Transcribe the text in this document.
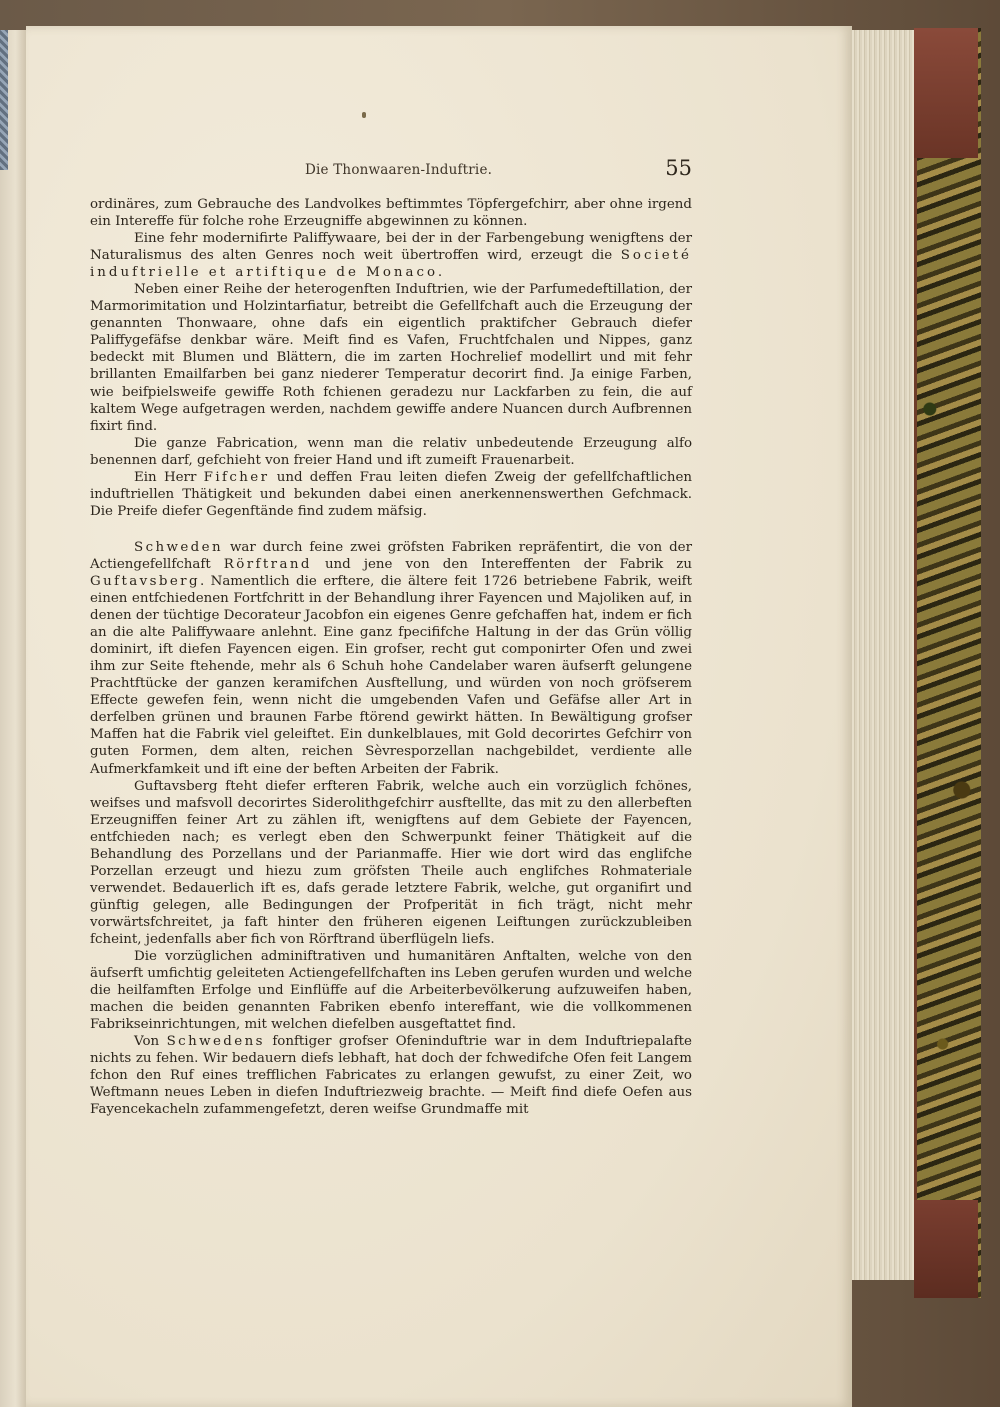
Die Thonwaaren-Induftrie.	55

ordinäres, zum Gebrauche des Landvolkes beftimmtes Töpfergefchirr, aber ohne irgend ein Intereffe für folche rohe Erzeugniffe abgewinnen zu können.

Eine fehr modernifirte Paliffywaare, bei der in der Farbengebung wenigftens der Naturalismus des alten Genres noch weit übertroffen wird, erzeugt die Societé induftrielle et artiftique de Monaco.

Neben einer Reihe der heterogenften Induftrien, wie der Parfumedeftillation, der Marmorimitation und Holzintarfiatur, betreibt die Gefellfchaft auch die Erzeugung der genannten Thonwaare, ohne dafs ein eigentlich praktifcher Gebrauch diefer Paliffygefäfse denkbar wäre. Meift find es Vafen, Fruchtfchalen und Nippes, ganz bedeckt mit Blumen und Blättern, die im zarten Hochrelief modellirt und mit fehr brillanten Emailfarben bei ganz niederer Temperatur decorirt find. Ja einige Farben, wie beifpielsweife gewiffe Roth fchienen geradezu nur Lackfarben zu fein, die auf kaltem Wege aufgetragen werden, nachdem gewiffe andere Nuancen durch Aufbrennen fixirt find.

Die ganze Fabrication, wenn man die relativ unbedeutende Erzeugung alfo benennen darf, gefchieht von freier Hand und ift zumeift Frauenarbeit.

Ein Herr Fifcher und deffen Frau leiten diefen Zweig der gefellfchaftlichen induftriellen Thätigkeit und bekunden dabei einen anerkennenswerthen Gefchmack. Die Preife diefer Gegenftände find zudem mäfsig.

Schweden war durch feine zwei gröfsten Fabriken repräfentirt, die von der Actiengefellfchaft Rörftrand und jene von den Intereffenten der Fabrik zu Guftavsberg. Namentlich die erftere, die ältere feit 1726 betriebene Fabrik, weift einen entfchiedenen Fortfchritt in der Behandlung ihrer Fayencen und Majoliken auf, in denen der tüchtige Decorateur Jacobfon ein eigenes Genre gefchaffen hat, indem er fich an die alte Paliffywaare anlehnt. Eine ganz fpecififche Haltung in der das Grün völlig dominirt, ift diefen Fayencen eigen. Ein grofser, recht gut componirter Ofen und zwei ihm zur Seite ftehende, mehr als 6 Schuh hohe Candelaber waren äufserft gelungene Prachtftücke der ganzen keramifchen Ausftellung, und würden von noch gröfserem Effecte gewefen fein, wenn nicht die umgebenden Vafen und Gefäfse aller Art in derfelben grünen und braunen Farbe ftörend gewirkt hätten. In Bewältigung grofser Maffen hat die Fabrik viel geleiftet. Ein dunkelblaues, mit Gold decorirtes Gefchirr von guten Formen, dem alten, reichen Sèvresporzellan nachgebildet, verdiente alle Aufmerkfamkeit und ift eine der beften Arbeiten der Fabrik.

Guftavsberg fteht diefer erfteren Fabrik, welche auch ein vorzüglich fchönes, weifses und mafsvoll decorirtes Siderolithgefchirr ausftellte, das mit zu den allerbeften Erzeugniffen feiner Art zu zählen ift, wenigftens auf dem Gebiete der Fayencen, entfchieden nach; es verlegt eben den Schwerpunkt feiner Thätigkeit auf die Behandlung des Porzellans und der Parianmaffe. Hier wie dort wird das englifche Porzellan erzeugt und hiezu zum gröfsten Theile auch englifches Rohmateriale verwendet. Bedauerlich ift es, dafs gerade letztere Fabrik, welche, gut organifirt und günftig gelegen, alle Bedingungen der Profperität in fich trägt, nicht mehr vorwärtsfchreitet, ja faft hinter den früheren eigenen Leiftungen zurückzubleiben fcheint, jedenfalls aber fich von Rörftrand überflügeln liefs.

Die vorzüglichen adminiftrativen und humanitären Anftalten, welche von den äufserft umfichtig geleiteten Actiengefellfchaften ins Leben gerufen wurden und welche die heilfamften Erfolge und Einflüffe auf die Arbeiterbevölkerung aufzuweifen haben, machen die beiden genannten Fabriken ebenfo intereffant, wie die vollkommenen Fabrikseinrichtungen, mit welchen diefelben ausgeftattet find.

Von Schwedens fonftiger grofser Ofeninduftrie war in dem Induftriepalafte nichts zu fehen. Wir bedauern diefs lebhaft, hat doch der fchwedifche Ofen feit Langem fchon den Ruf eines trefflichen Fabricates zu erlangen gewufst, zu einer Zeit, wo Weftmann neues Leben in diefen Induftriezweig brachte. — Meift find diefe Oefen aus Fayencekacheln zufammengefetzt, deren weifse Grundmaffe mit
